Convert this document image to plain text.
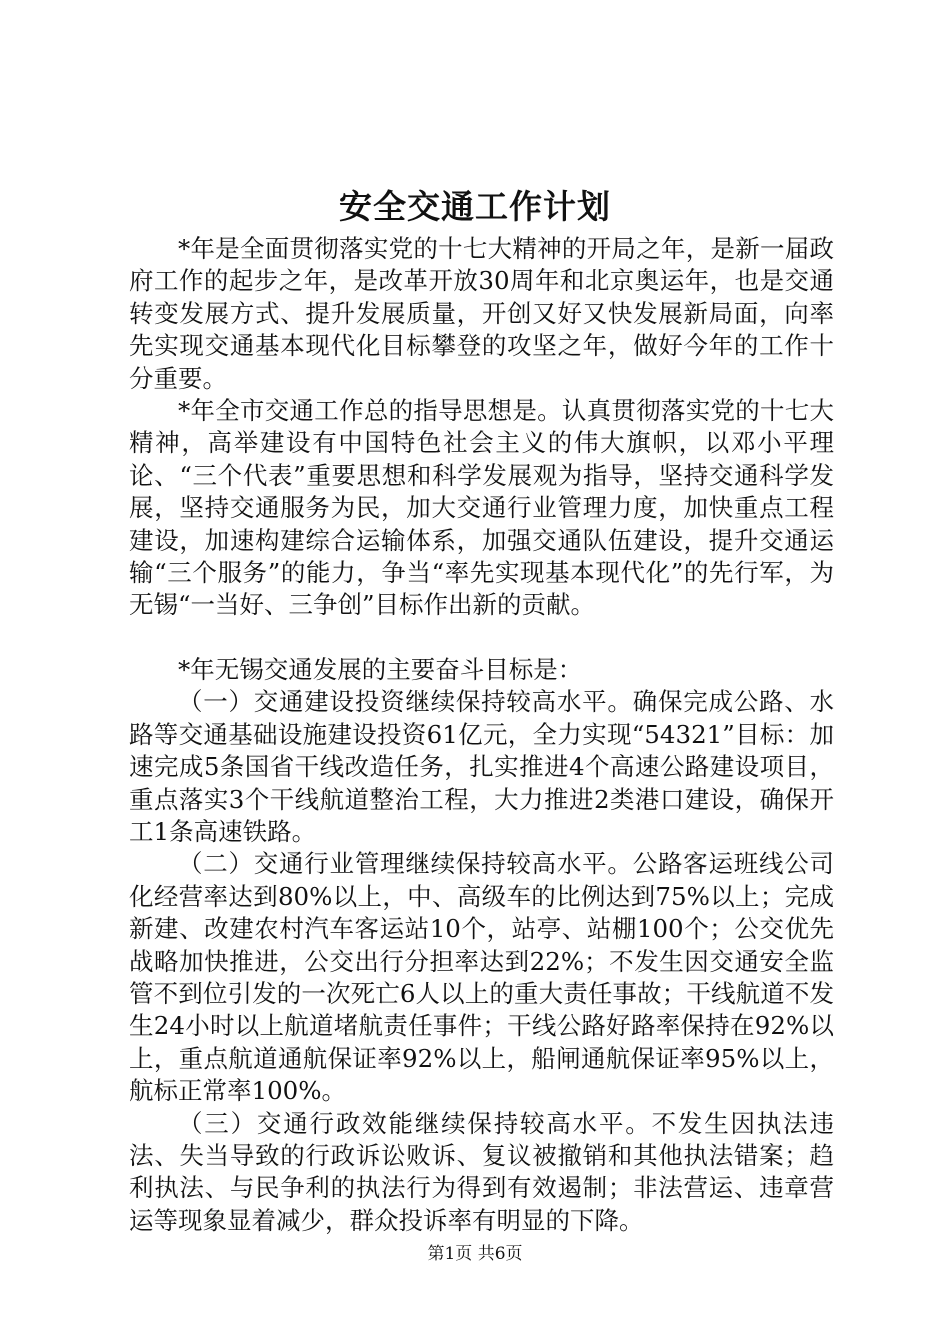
安全交通工作计划

*年是全面贯彻落实党的十七大精神的开局之年，是新一届政府工作的起步之年，是改革开放30周年和北京奥运年，也是交通转变发展方式、提升发展质量，开创又好又快发展新局面，向率先实现交通基本现代化目标攀登的攻坚之年，做好今年的工作十分重要。

*年全市交通工作总的指导思想是。认真贯彻落实党的十七大精神，高举建设有中国特色社会主义的伟大旗帜，以邓小平理论、“三个代表”重要思想和科学发展观为指导，坚持交通科学发展，坚持交通服务为民，加大交通行业管理力度，加快重点工程建设，加速构建综合运输体系，加强交通队伍建设，提升交通运输“三个服务”的能力，争当“率先实现基本现代化”的先行军，为无锡“一当好、三争创”目标作出新的贡献。

*年无锡交通发展的主要奋斗目标是：

（一）交通建设投资继续保持较高水平。确保完成公路、水路等交通基础设施建设投资61亿元，全力实现“54321”目标：加速完成5条国省干线改造任务，扎实推进4个高速公路建设项目，重点落实3个干线航道整治工程，大力推进2类港口建设，确保开工1条高速铁路。

（二）交通行业管理继续保持较高水平。公路客运班线公司化经营率达到80%以上，中、高级车的比例达到75%以上；完成新建、改建农村汽车客运站10个，站亭、站棚100个；公交优先战略加快推进，公交出行分担率达到22%；不发生因交通安全监管不到位引发的一次死亡6人以上的重大责任事故；干线航道不发生24小时以上航道堵航责任事件；干线公路好路率保持在92%以上，重点航道通航保证率92%以上，船闸通航保证率95%以上，航标正常率100%。

（三）交通行政效能继续保持较高水平。不发生因执法违法、失当导致的行政诉讼败诉、复议被撤销和其他执法错案；趋利执法、与民争利的执法行为得到有效遏制；非法营运、违章营运等现象显着减少，群众投诉率有明显的下降。

第1页 共6页
